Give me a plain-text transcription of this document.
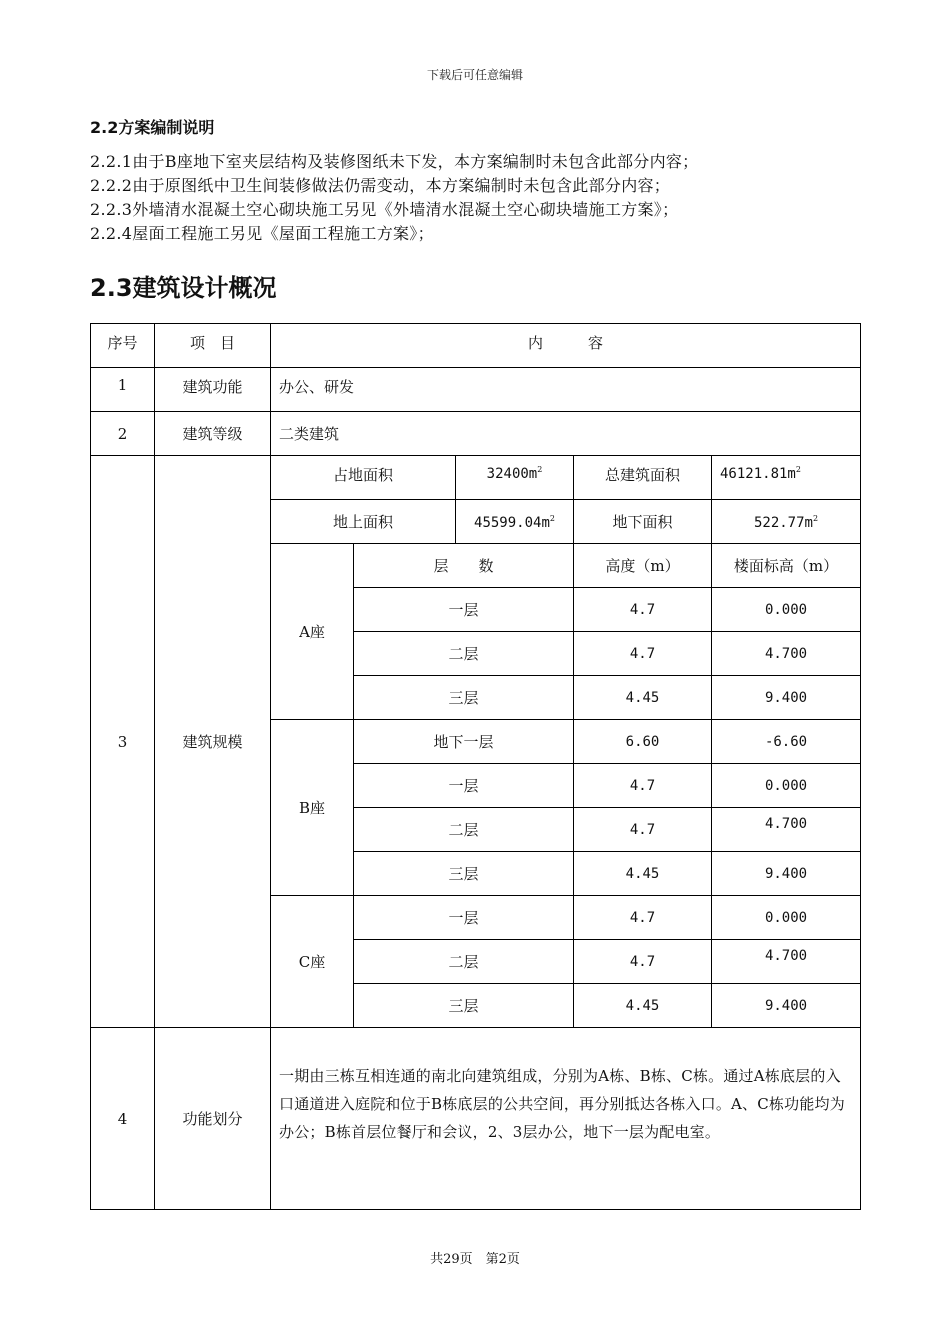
下载后可任意编辑
2.2方案编制说明
2.2.1由于B座地下室夹层结构及装修图纸未下发，本方案编制时未包含此部分内容；
2.2.2由于原图纸中卫生间装修做法仍需变动，本方案编制时未包含此部分内容；
2.2.3外墙清水混凝土空心砌块施工另见《外墙清水混凝土空心砌块墙施工方案》；
2.2.4屋面工程施工另见《屋面工程施工方案》；
2.3建筑设计概况
序号	项　目	内　　　容				
1	建筑功能	办公、研发				
2	建筑等级	二类建筑				
3	建筑规模	占地面积		$32400m^2$	总建筑面积	$46121.81m^2$
		地上面积		$45599.04m^2$	地下面积	$522.77m^2$
		A座	层　　数		高度（m）	楼面标高（m）
			一层		4.7	0.000
			二层		4.7	4.700
			三层		4.45	9.400
		B座	地下一层		6.60	-6.60
			一层		4.7	0.000
			二层		4.7	4.700
			三层		4.45	9.400
		C座	一层		4.7	0.000
			二层		4.7	4.700
			三层		4.45	9.400
4	功能划分	一期由三栋互相连通的南北向建筑组成，分别为A栋、B栋、C栋。通过A栋底层的入口通道进入庭院和位于B栋底层的公共空间，再分别抵达各栋入口。A、C栋功能均为办公；B栋首层位餐厅和会议，2、3层办公，地下一层为配电室。				
共29页　第2页
